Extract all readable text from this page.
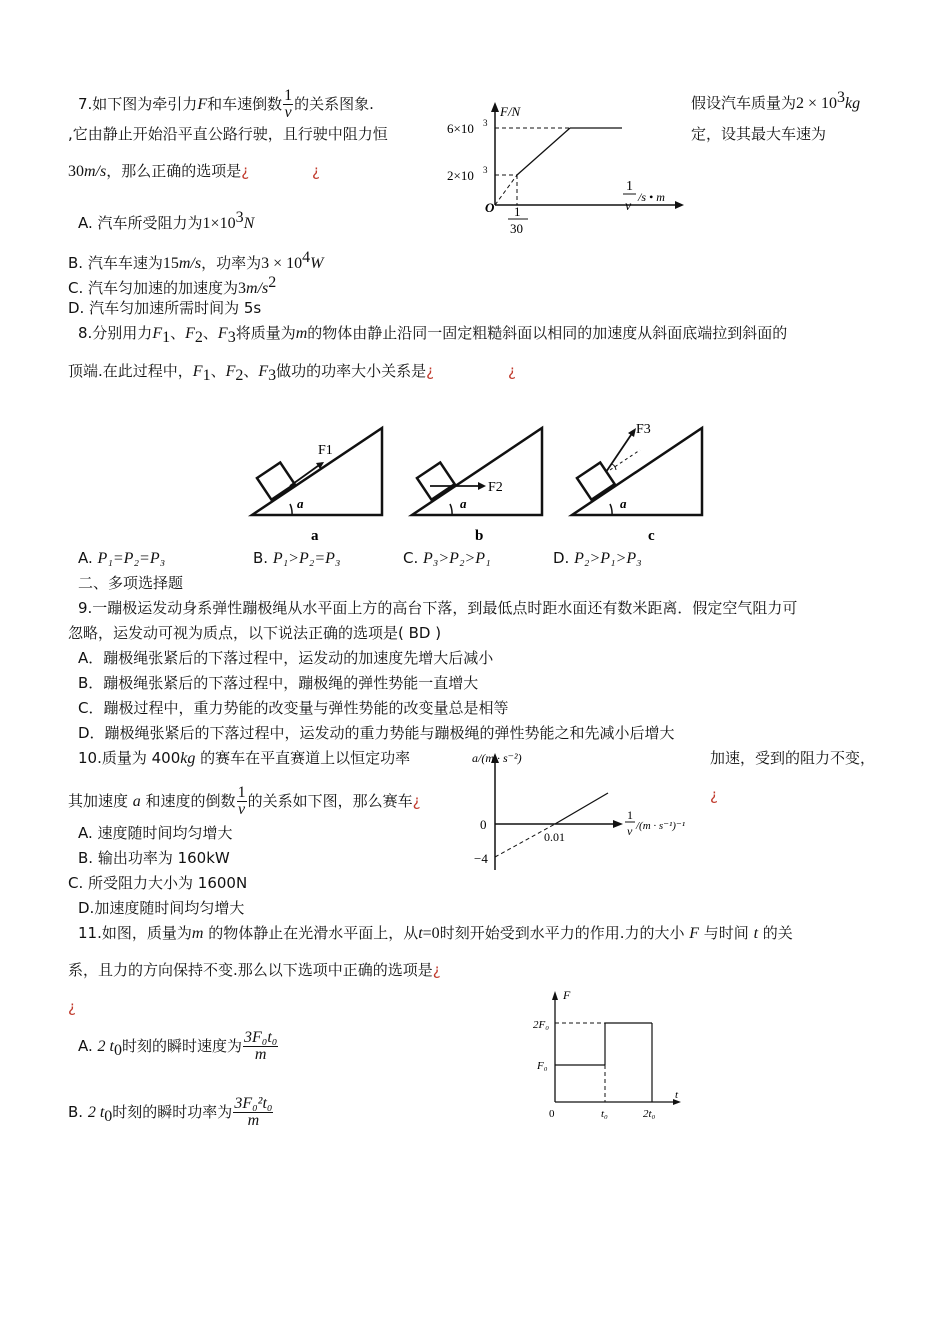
7.如下图为牵引力F和车速倒数 $\frac{1}{v}$ 的关系图象.	假设汽车质量为$2 \times 10^3kg$
,它由静止开始沿平直公路行驶，且行驶中阻力恒	定，设其最大车速为
30m/s，那么正确的选项是¿	¿
F/N
6×10 3
2×10 3
O 1
30
1
v
/s • m
A. 汽车所受阻力为$1\times 10^3N$
B. 汽车车速为15m/s，功率为$3 \times 10^4W$
C. 汽车匀加速的加速度为$3m/s^2$
D. 汽车匀加速所需时间为 5s
8.分别用力$F_1$、$F_2$、$F_3$将质量为m的物体由静止沿同一固定粗糙斜面以相同的加速度从斜面底端拉到斜面的
顶端.在此过程中，$F_1$、$F_2$、$F_3$做功的功率大小关系是¿	¿
F1
a
a
F2
a
b
F3
a
c
A. P₁=P₂=P₃	B. P₁>P₂=P₃	C. P₃>P₂>P₁	D. P₂>P₁>P₃
二、多项选择题
9.一蹦极运发动身系弹性蹦极绳从水平面上方的高台下落，到最低点时距水面还有数米距离．假定空气阻力可
忽略，运发动可视为质点，以下说法正确的选项是( BD )
A．蹦极绳张紧后的下落过程中，运发动的加速度先增大后减小
B．蹦极绳张紧后的下落过程中，蹦极绳的弹性势能一直增大
C．蹦极过程中，重力势能的改变量与弹性势能的改变量总是相等
D．蹦极绳张紧后的下落过程中，运发动的重力势能与蹦极绳的弹性势能之和先减小后增大
10.质量为 400kg 的赛车在平直赛道上以恒定功率	加速，受到的阻力不变，
其加速度 a 和速度的倒数 $\frac{1}{v}$ 的关系如下图，那么赛车¿	¿
a/(m · s⁻²)
0
−4
0.01
1
v /(m · s⁻¹)⁻¹
A. 速度随时间均匀增大
B. 输出功率为 160kW
C. 所受阻力大小为 1600N
D.加速度随时间均匀增大
11.如图，质量为m 的物体静止在光滑水平面上，从t=0时刻开始受到水平力的作用.力的大小 F 与时间 t 的关
系，且力的方向保持不变.那么以下选项中正确的选项是¿
¿
F
2F₀
F₀
0	t₀	2t₀
t
A. 2 $t_0$时刻的瞬时速度为 $\frac{\text{3F₀t₀}}{m}$
B. 2 $t_0$时刻的瞬时功率为 $\frac{\text{3F₀²t₀}}{m}$
